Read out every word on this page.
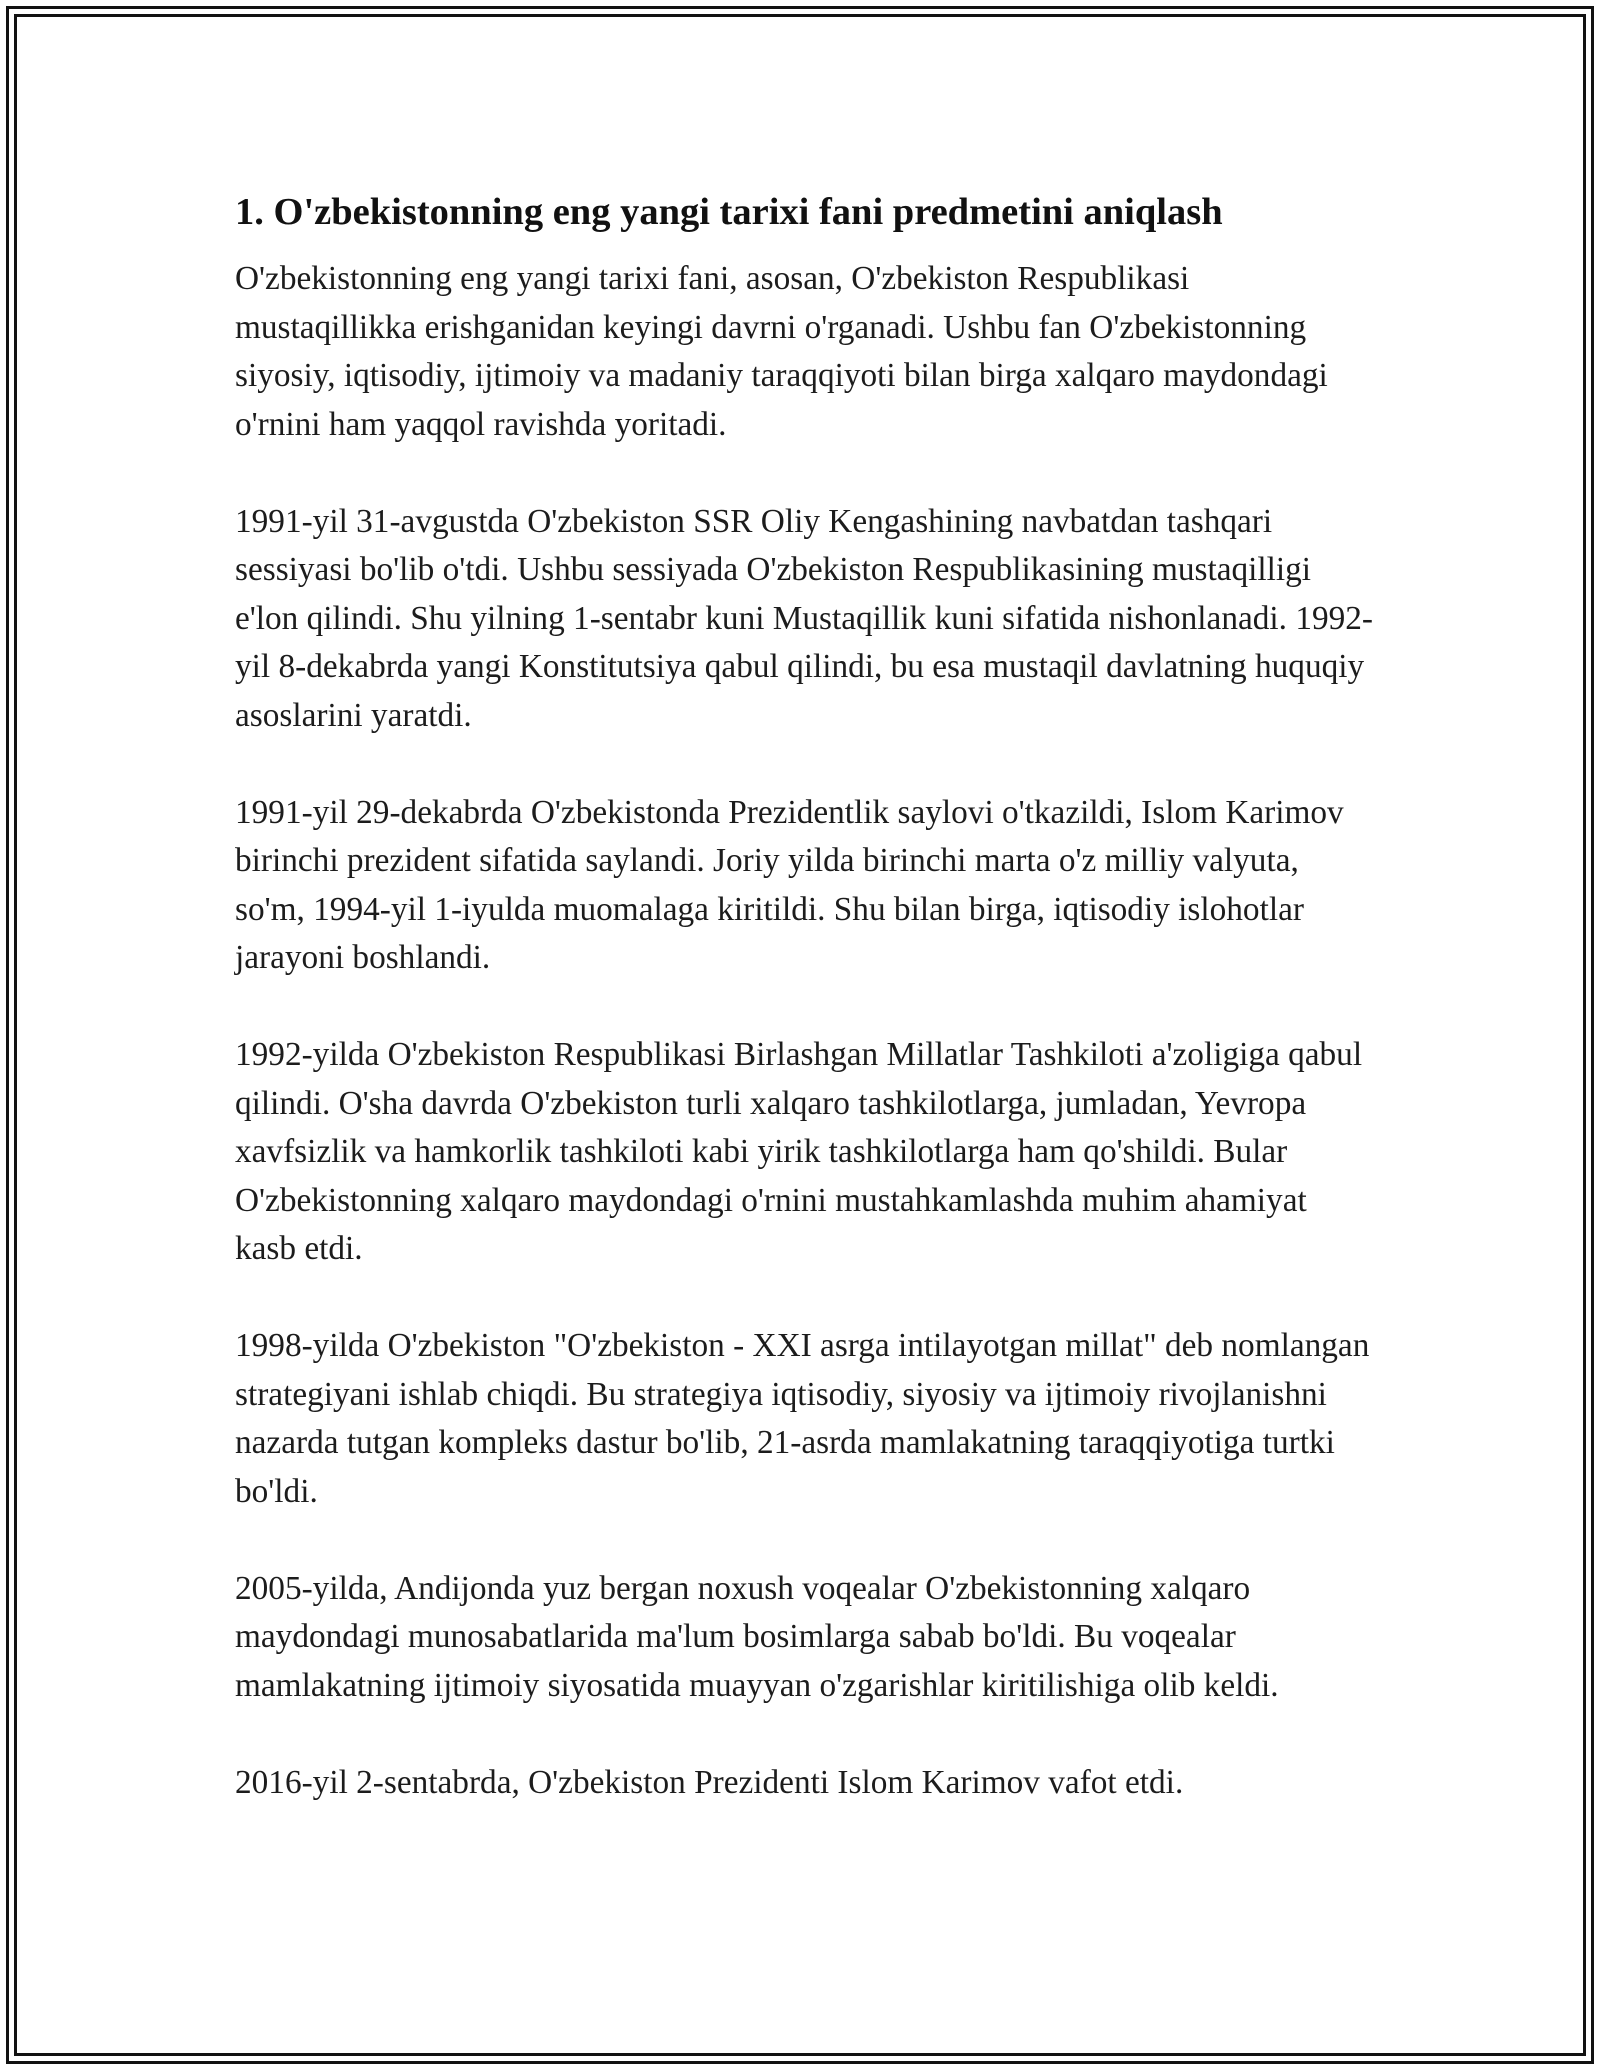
1. O'zbekistonning eng yangi tarixi fani predmetini aniqlash

O'zbekistonning eng yangi tarixi fani, asosan, O'zbekiston Respublikasi mustaqillikka erishganidan keyingi davrni o'rganadi. Ushbu fan O'zbekistonning siyosiy, iqtisodiy, ijtimoiy va madaniy taraqqiyoti bilan birga xalqaro maydondagi o'rnini ham yaqqol ravishda yoritadi.

1991-yil 31-avgustda O'zbekiston SSR Oliy Kengashining navbatdan tashqari sessiyasi bo'lib o'tdi. Ushbu sessiyada O'zbekiston Respublikasining mustaqilligi e'lon qilindi. Shu yilning 1-sentabr kuni Mustaqillik kuni sifatida nishonlanadi. 1992-yil 8-dekabrda yangi Konstitutsiya qabul qilindi, bu esa mustaqil davlatning huquqiy asoslarini yaratdi.

1991-yil 29-dekabrda O'zbekistonda Prezidentlik saylovi o'tkazildi, Islom Karimov birinchi prezident sifatida saylandi. Joriy yilda birinchi marta o'z milliy valyuta, so'm, 1994-yil 1-iyulda muomalaga kiritildi. Shu bilan birga, iqtisodiy islohotlar jarayoni boshlandi.

1992-yilda O'zbekiston Respublikasi Birlashgan Millatlar Tashkiloti a'zoligiga qabul qilindi. O'sha davrda O'zbekiston turli xalqaro tashkilotlarga, jumladan, Yevropa xavfsizlik va hamkorlik tashkiloti kabi yirik tashkilotlarga ham qo'shildi. Bular O'zbekistonning xalqaro maydondagi o'rnini mustahkamlashda muhim ahamiyat kasb etdi.

1998-yilda O'zbekiston "O'zbekiston - XXI asrga intilayotgan millat" deb nomlangan strategiyani ishlab chiqdi. Bu strategiya iqtisodiy, siyosiy va ijtimoiy rivojlanishni nazarda tutgan kompleks dastur bo'lib, 21-asrda mamlakatning taraqqiyotiga turtki bo'ldi.

2005-yilda, Andijonda yuz bergan noxush voqealar O'zbekistonning xalqaro maydondagi munosabatlarida ma'lum bosimlarga sabab bo'ldi. Bu voqealar mamlakatning ijtimoiy siyosatida muayyan o'zgarishlar kiritilishiga olib keldi.

2016-yil 2-sentabrda, O'zbekiston Prezidenti Islom Karimov vafot etdi.
